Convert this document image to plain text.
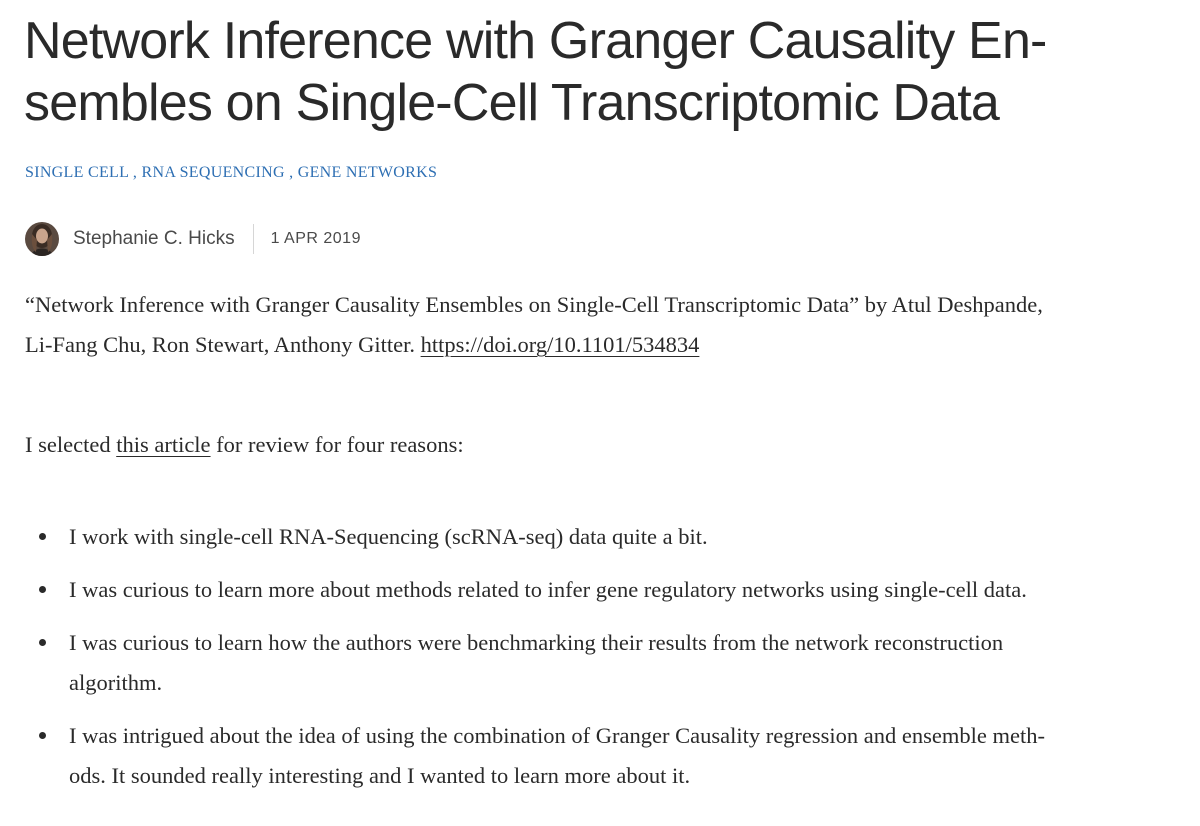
Network Inference with Granger Causality En-
sembles on Single-Cell Transcriptomic Data
SINGLE CELL , RNA SEQUENCING , GENE NETWORKS
Stephanie C. Hicks 1 APR 2019

“Network Inference with Granger Causality Ensembles on Single-Cell Transcriptomic Data” by Atul Deshpande,
Li-Fang Chu, Ron Stewart, Anthony Gitter. https://doi.org/10.1101/534834

I selected this article for review for four reasons:

I work with single-cell RNA-Sequencing (scRNA-seq) data quite a bit.
I was curious to learn more about methods related to infer gene regulatory networks using single-cell data.
I was curious to learn how the authors were benchmarking their results from the network reconstruction
algorithm.
I was intrigued about the idea of using the combination of Granger Causality regression and ensemble meth-
ods. It sounded really interesting and I wanted to learn more about it.
